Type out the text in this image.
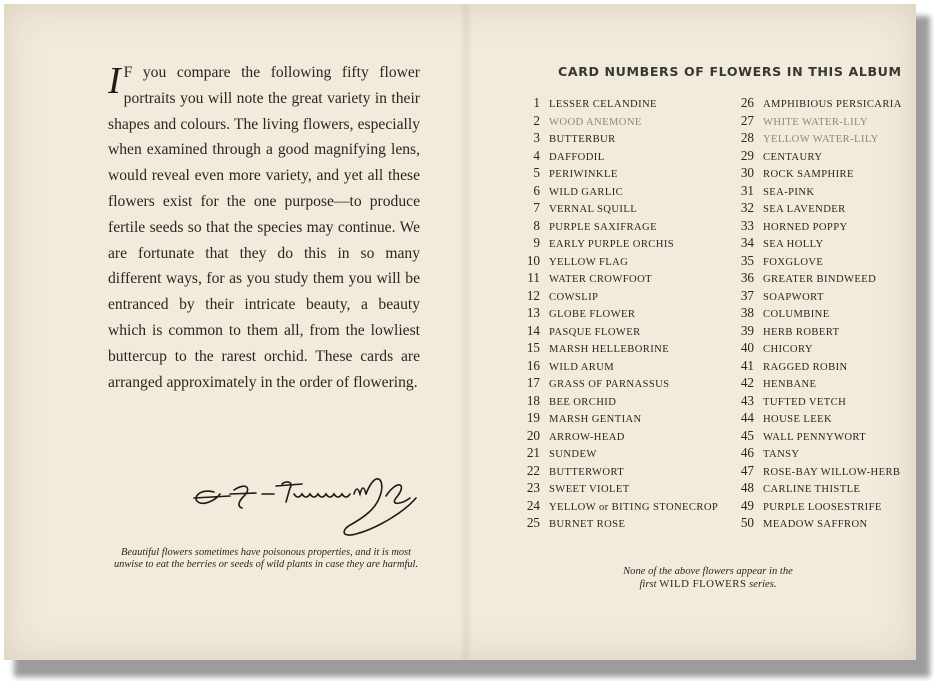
I F you compare the following fifty flower portraits you will note the great variety in their shapes and colours. The living flowers, especially when examined through a good magnifying lens, would reveal even more variety, and yet all these flowers exist for the one purpose—to produce fertile seeds so that the species may continue. We are fortunate that they do this in so many different ways, for as you study them you will be entranced by their intricate beauty, a beauty which is common to them all, from the lowliest buttercup to the rarest orchid. These cards are arranged approximately in the order of flowering.
C. F. Tunnicliffe
Beautiful flowers sometimes have poisonous properties, and it is most unwise to eat the berries or seeds of wild plants in case they are harmful.
CARD NUMBERS OF FLOWERS IN THIS ALBUM
1 LESSER CELANDINE
2 WOOD ANEMONE
3 BUTTERBUR
4 DAFFODIL
5 PERIWINKLE
6 WILD GARLIC
7 VERNAL SQUILL
8 PURPLE SAXIFRAGE
9 EARLY PURPLE ORCHIS
10 YELLOW FLAG
11 WATER CROWFOOT
12 COWSLIP
13 GLOBE FLOWER
14 PASQUE FLOWER
15 MARSH HELLEBORINE
16 WILD ARUM
17 GRASS OF PARNASSUS
18 BEE ORCHID
19 MARSH GENTIAN
20 ARROW-HEAD
21 SUNDEW
22 BUTTERWORT
23 SWEET VIOLET
24 YELLOW or BITING STONECROP
25 BURNET ROSE
26 AMPHIBIOUS PERSICARIA
27 WHITE WATER-LILY
28 YELLOW WATER-LILY
29 CENTAURY
30 ROCK SAMPHIRE
31 SEA-PINK
32 SEA LAVENDER
33 HORNED POPPY
34 SEA HOLLY
35 FOXGLOVE
36 GREATER BINDWEED
37 SOAPWORT
38 COLUMBINE
39 HERB ROBERT
40 CHICORY
41 RAGGED ROBIN
42 HENBANE
43 TUFTED VETCH
44 HOUSE LEEK
45 WALL PENNYWORT
46 TANSY
47 ROSE-BAY WILLOW-HERB
48 CARLINE THISTLE
49 PURPLE LOOSESTRIFE
50 MEADOW SAFFRON
None of the above flowers appear in the
first WILD FLOWERS series.
